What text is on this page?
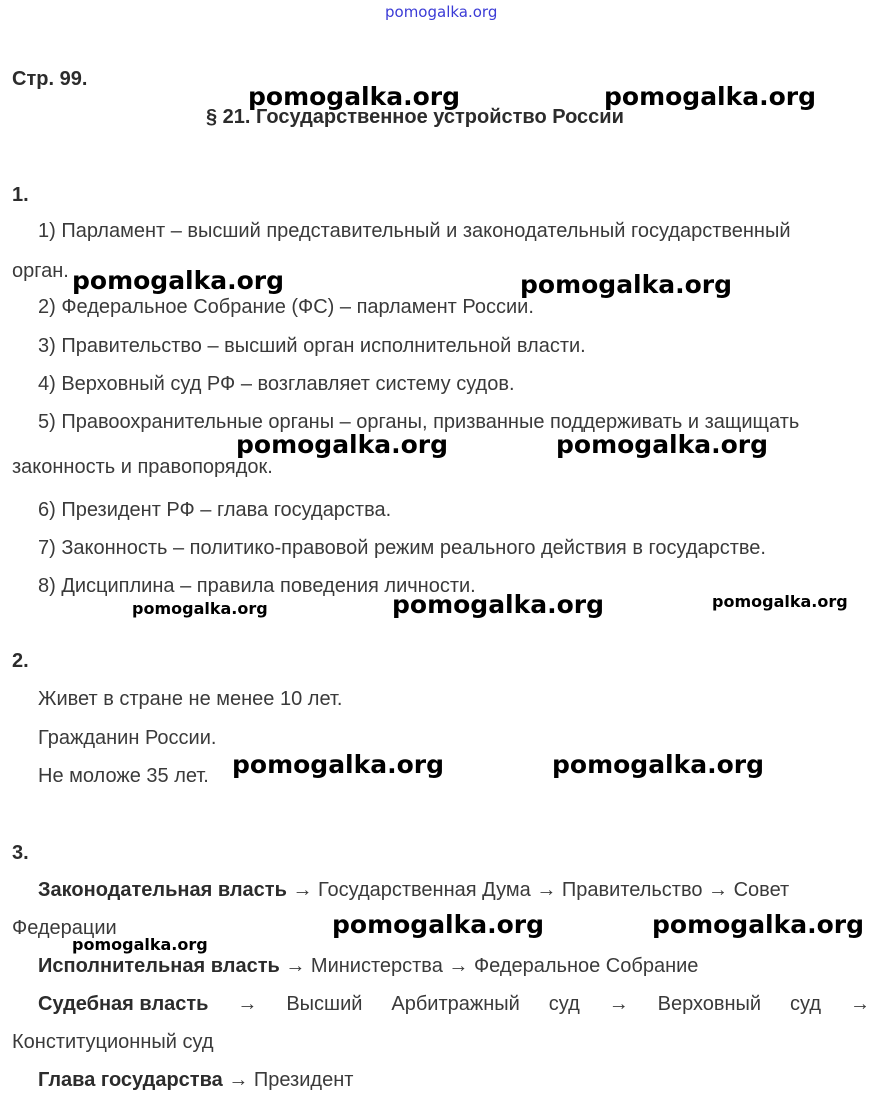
pomogalka.org
Стр. 99.
§ 21. Государственное устройство России
1.
1) Парламент – высший представительный и законодательный государственный
орган.
2) Федеральное Собрание (ФС) – парламент России.
3) Правительство – высший орган исполнительной власти.
4) Верховный суд РФ – возглавляет систему судов.
5) Правоохранительные органы – органы, призванные поддерживать и защищать
законность и правопорядок.
6) Президент РФ – глава государства.
7) Законность – политико-правовой режим реального действия в государстве.
8) Дисциплина – правила поведения личности.
2.
Живет в стране не менее 10 лет.
Гражданин России.
Не моложе 35 лет.
3.
Законодательная власть → Государственная Дума → Правительство → Совет
Федерации
Исполнительная власть → Министерства → Федеральное Собрание
Судебная власть → Высший Арбитражный суд → Верховный суд →
Конституционный суд
Глава государства → Президент
pomogalka.org	pomogalka.org
pomogalka.org	pomogalka.org
pomogalka.org	pomogalka.org
pomogalka.org	pomogalka.org	pomogalka.org
pomogalka.org	pomogalka.org
pomogalka.org	pomogalka.org
pomogalka.org
